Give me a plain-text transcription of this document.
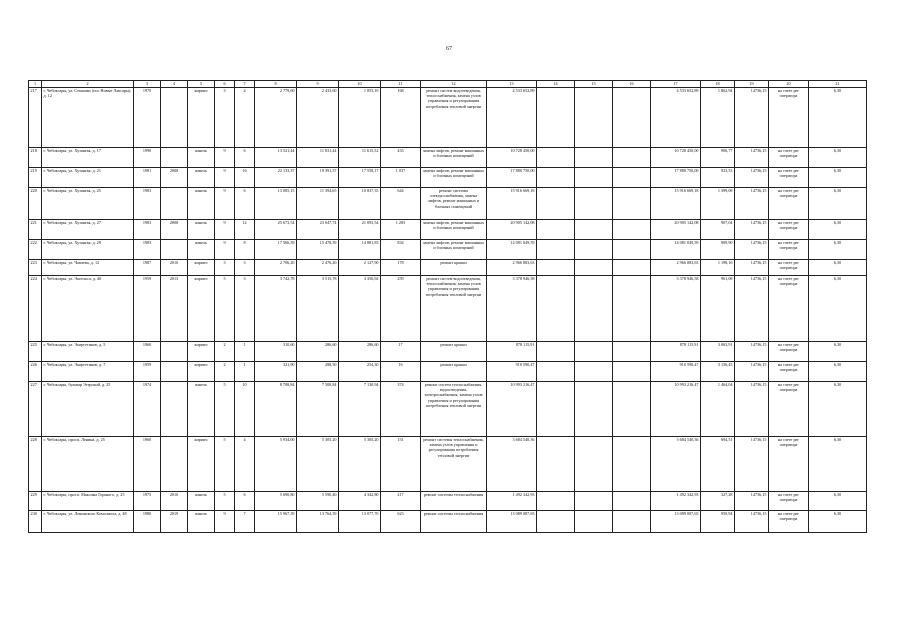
67
1	2	3	4	5	6	7	8	9	10	11	12	13	14	15	16	17	18	19	20	21
217	г. Чебоксары, ул. Семашко (пос Новые Лапсары), д. 12	1970		кирпич	3	4	2 779,60	2 433,60	1 853,10	168	ремонт систем водоотведения, теплоснабжения, замена узлов управления и регулирования потребления тепловой энергии	4 533 652,89				4 533 652,89	1 862,94	14736,15	на счете рег оператора	6,30
218	г. Чебоксары, ул. Хузангая, д. 17	1990		панель	9	6	13 521,44	11 831,44	11 615,52	433	замена лифтов, ремонт машинных и блочных помещений	10 728 450,00				10 728 450,00	906,77	14736,15	на счете рег оператора	6,30
219	г. Чебоксары, ул. Хузангая, д. 21	1981	2008	панель	9	16	22 133,37	19 391,37	17 558,17	1 037	замена лифтов, ремонт машинных и блочных помещений	17 880 750,00				17 880 750,00	923,53	14736,15	на счете рег оператора	6,30
220	г. Чебоксары, ул. Хузангая, д. 25	1983		панель	9	6	13 085,15	11 394,65	10 837,35	644	ремонт системы электроснабжения, замена лифтов, ремонт машинных и блочных помещений	15 916 669,18				15 916 669,18	1 399,08	14736,15	на счете рег оператора	6,30
221	г. Чебоксары, ул. Хузангая, д. 27	1983	2008	панель	9	12	25 673,54	23 047,74	21 093,54	1 283	замена лифтов, ремонт машинных и блочных помещений	20 905 142,08				20 905 142,08	907,04	14736,15	на счете рег оператора	6,30
222	г. Чебоксары, ул. Хузангая, д. 29	1983		панель	9	8	17 566,39	15 478,39	14 881,83	834	замена лифтов, ремонт машинных и блочных помещений	14 081 049,59				14 081 049,59	909,90	14736,15	на счете рег оператора	6,30
223	г. Чебоксары, ул. Чапаева, д. 12	1987	2016	кирпич	3	3	2 706,20	2 476,20	2 127,90	178	ремонт крыши	2 966 883,63				2 966 883,63	1 198,16	14736,15	на счете рег оператора	6,30
224	г. Чебоксары, ул. Энгельса, д. 40	1959	2013	кирпич	5	3	3 742,78	3 515,78	3 356,92	259	ремонт систем водоотведения, теплоснабжения, замена узлов управления и регулирования потребления тепловой энергии	3 378 946,58				3 378 946,58	961,08	14736,15	на счете рег оператора	6,30
225	г. Чебоксары, ул. Энергетиков, д. 5	1960		кирпич	2	1	310,60	286,60	286,60	17	ремонт крыши	878 115,91				878 115,91	3 063,91	14736,15	на счете рег оператора	6,30
226	г. Чебоксары, ул. Энергетиков, д. 7	1959		кирпич	2	1	321,90	288,50	254,30	16	ремонт крыши	910 590,47				910 590,47	3 156,45	14736,15	на счете рег оператора	6,30
227	г. Чебоксары, бульвар Эгерский, д. 25	1974		панель	5	10	8 708,84	7 508,84	7 130,94	374	ремонт систем теплоснабжения, водоотведения, электроснабжения, замена узлов управления и регулирования потребления тепловой энергии	10 993 216,47				10 993 216,47	1 464,04	14736,15	на счете рег оператора	6,30
228	г. Чебоксары, просп. Ленина, д. 25	1960		кирпич	5	4	5 934,00	5 305,20	5 305,20	151	ремонт системы теплоснабжения, замена узлов управления и регулирования потребления тепловой энергии	3 684 540,36				3 684 540,36	694,51	14736,15	на счете рег оператора	6,30
229	г. Чебоксары, просп. Максима Горького, д. 25	1975	2016	панель	5	6	5 690,80	5 590,40	4 342,80	217	ремонт системы теплоснабжения	1 492 342,93				1 492 342,93	327,28	14736,15	на счете рег оператора	6,30
230	г. Чебоксары, ул. Ленинского Комсомола, д. 48	1980	2019	панель	9	7	15 967,39	13 764,39	13 077,70	623	ремонт системы теплоснабжения	13 089 087,65				13 089 087,65	950,94	14736,15	на счете рег оператора	6,30
